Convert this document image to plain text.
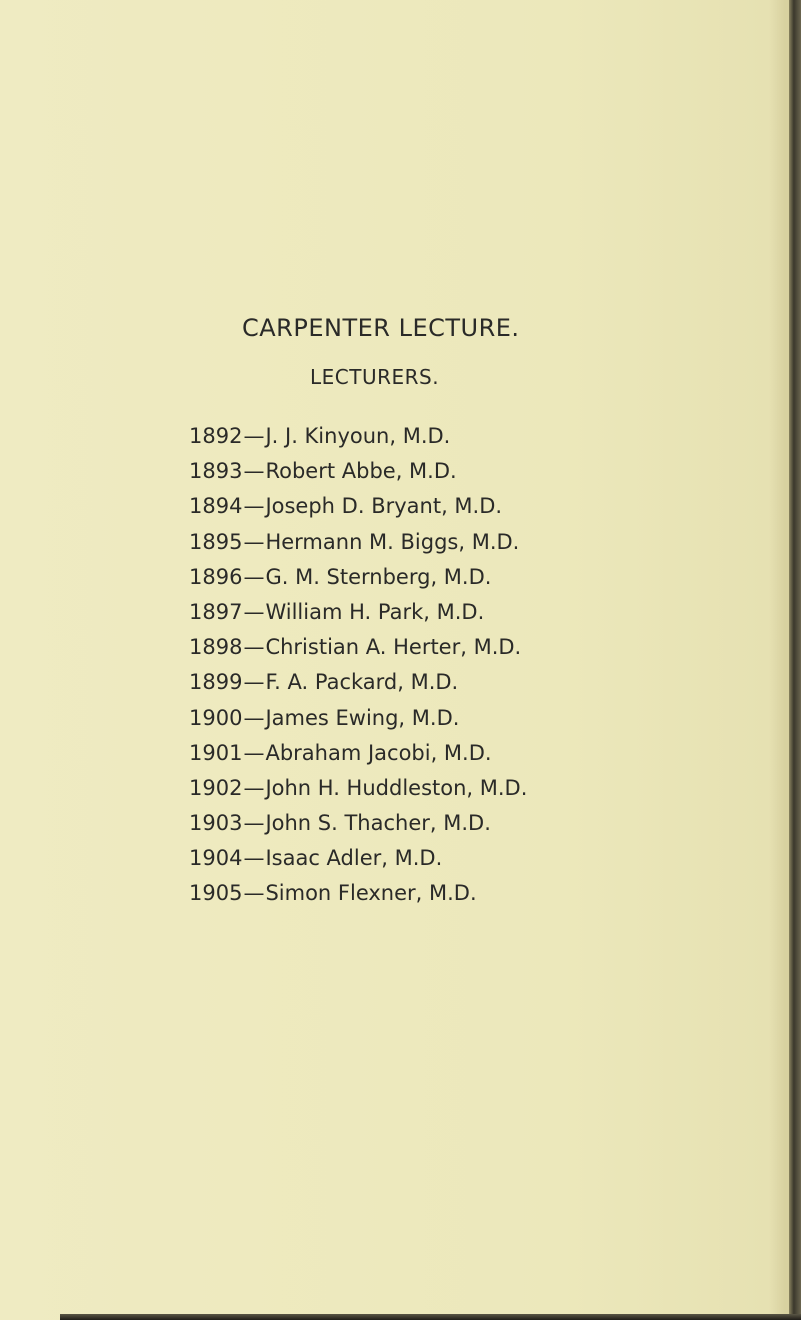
CARPENTER LECTURE.
LECTURERS.
1892—J. J. Kinyoun, M.D.
1893—Robert Abbe, M.D.
1894—Joseph D. Bryant, M.D.
1895—Hermann M. Biggs, M.D.
1896—G. M. Sternberg, M.D.
1897—William H. Park, M.D.
1898—Christian A. Herter, M.D.
1899—F. A. Packard, M.D.
1900—James Ewing, M.D.
1901—Abraham Jacobi, M.D.
1902—John H. Huddleston, M.D.
1903—John S. Thacher, M.D.
1904—Isaac Adler, M.D.
1905—Simon Flexner, M.D.
